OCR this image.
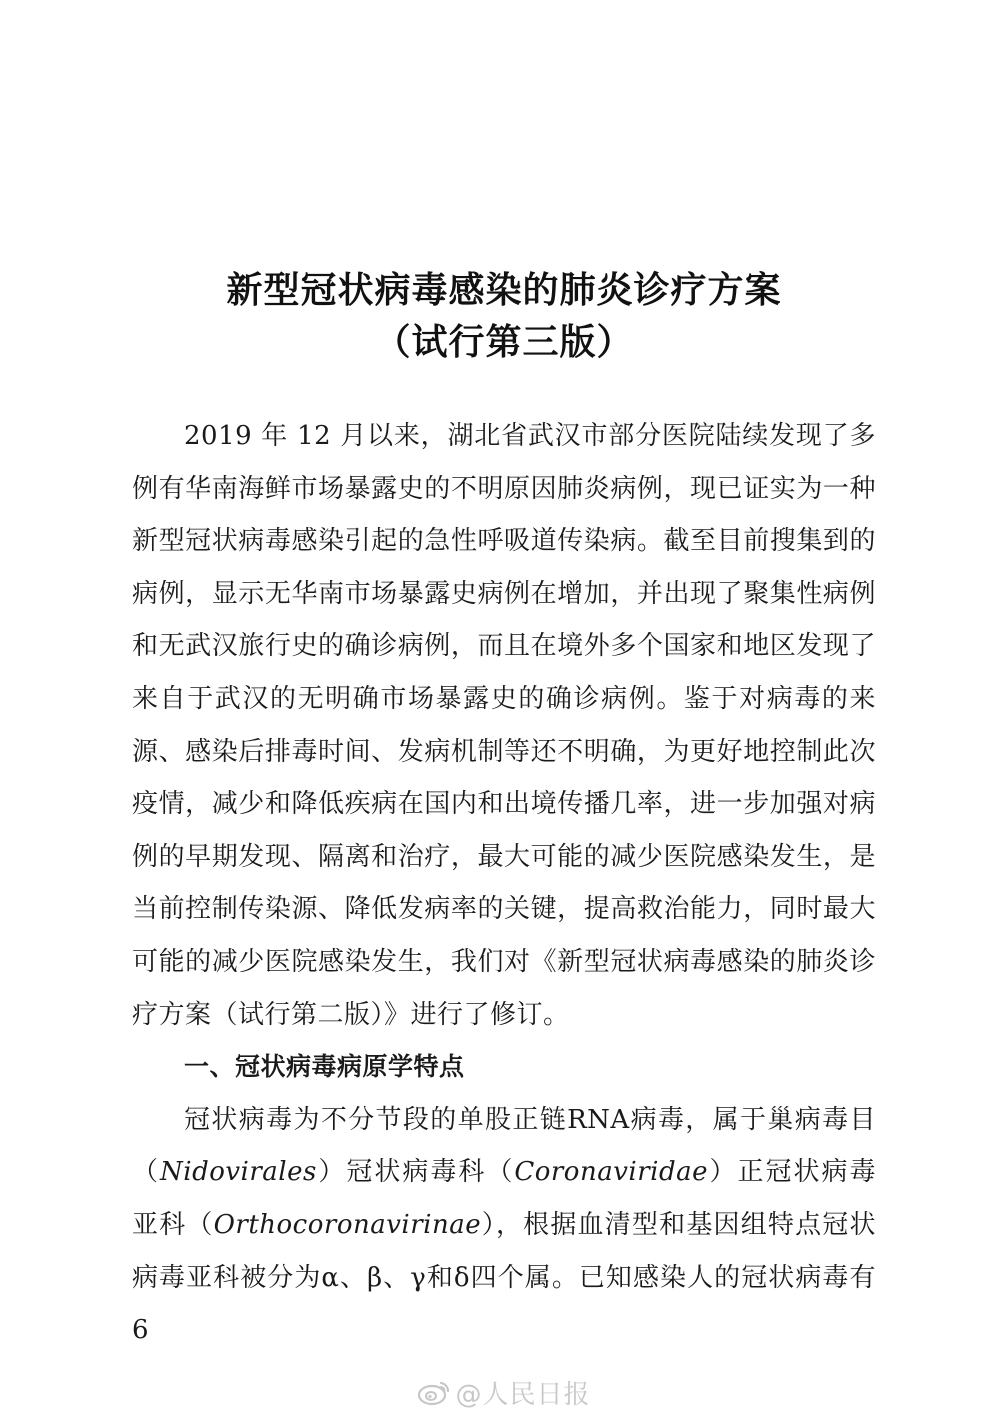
新型冠状病毒感染的肺炎诊疗方案
（试行第三版）

2019 年 12 月以来，湖北省武汉市部分医院陆续发现了多例有华南海鲜市场暴露史的不明原因肺炎病例，现已证实为一种新型冠状病毒感染引起的急性呼吸道传染病。截至目前搜集到的病例，显示无华南市场暴露史病例在增加，并出现了聚集性病例和无武汉旅行史的确诊病例，而且在境外多个国家和地区发现了来自于武汉的无明确市场暴露史的确诊病例。鉴于对病毒的来源、感染后排毒时间、发病机制等还不明确，为更好地控制此次疫情，减少和降低疾病在国内和出境传播几率，进一步加强对病例的早期发现、隔离和治疗，最大可能的减少医院感染发生，是当前控制传染源、降低发病率的关键，提高救治能力，同时最大可能的减少医院感染发生，我们对《新型冠状病毒感染的肺炎诊疗方案（试行第二版）》进行了修订。

一、冠状病毒病原学特点

冠状病毒为不分节段的单股正链RNA病毒，属于巢病毒目（Nidovirales）冠状病毒科（Coronaviridae）正冠状病毒亚科（Orthocoronavirinae），根据血清型和基因组特点冠状病毒亚科被分为α、β、γ和δ四个属。已知感染人的冠状病毒有 6

@人民日报
